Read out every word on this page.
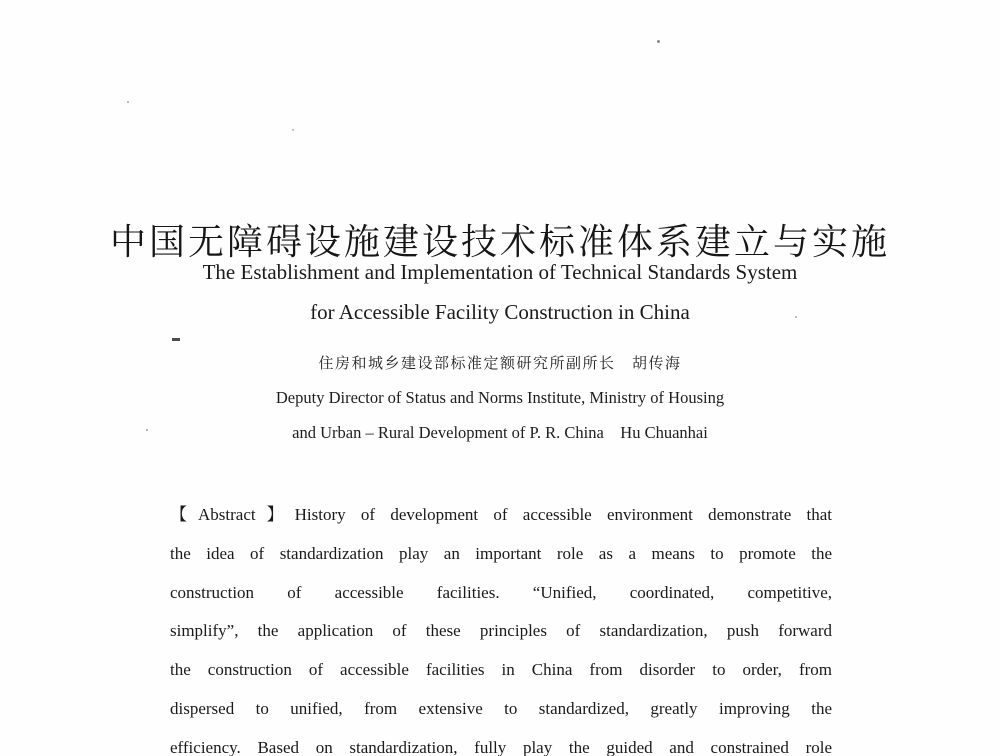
中国无障碍设施建设技术标准体系建立与实施
The Establishment and Implementation of Technical Standards System
for Accessible Facility Construction in China
住房和城乡建设部标准定额研究所副所长　胡传海
Deputy Director of Status and Norms Institute, Ministry of Housing
and Urban – Rural Development of P. R. China　Hu Chuanhai
【Abstract】History of development of accessible environment demonstrate that
the idea of standardization play an important role as a means to promote the
construction of accessible facilities. “Unified, coordinated, competitive,
simplify”, the application of these principles of standardization, push forward
the construction of accessible facilities in China from disorder to order, from
dispersed to unified, from extensive to standardized, greatly improving the
efficiency. Based on standardization, fully play the guided and constrained role
